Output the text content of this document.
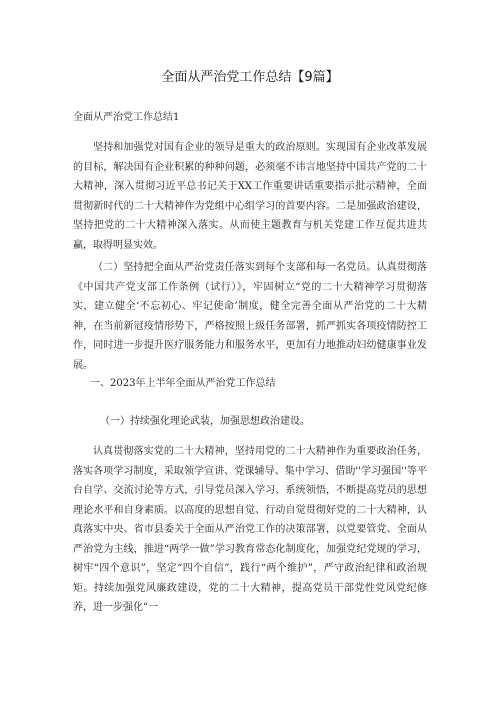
全面从严治党工作总结【9篇】
全面从严治党工作总结1
坚持和加强党对国有企业的领导是重大的政治原则。实现国有企业改革发展的目标，解决国有企业积累的种种问题，必须毫不讳言地坚持中国共产党的二十大精神，深入贯彻习近平总书记关于XX工作重要讲话重要指示批示精神，全面贯彻新时代的二十大精神作为党组中心组学习的首要内容。二是加强政治建设，坚持把党的二十大精神深入落实。从而使主题教育与机关党建工作互促共进共赢，取得明显实效。
（二）坚持把全面从严治党责任落实到每个支部和每一名党员。认真贯彻落《中国共产党支部工作条例（试行）》，牢固树立“党的二十大精神学习贯彻落实，建立健全‘不忘初心、牢记使命’制度，健全完善全面从严治党的二十大精神，在当前新冠疫情形势下，严格按照上级任务部署，抓严抓实各项疫情防控工作，同时进一步提升医疗服务能力和服务水平，更加有力地推动妇幼健康事业发展。
一、2023年上半年全面从严治党工作总结
（一）持续强化理论武装，加强思想政治建设。
认真贯彻落实党的二十大精神，坚持用党的二十大精神作为重要政治任务，落实各项学习制度，采取领学宣讲、党课辅导、集中学习、借助''学习强国''等平台自学、交流讨论等方式，引导党员深入学习、系统领悟，不断提高党员的思想理论水平和自身素质。以高度的思想自觉、行动自觉贯彻好党的二十大精神，认真落实中央、省市县委关于全面从严治党工作的决策部署，以党要管党、全面从严治党为主线，推进“两学一做”学习教育常态化制度化，加强党纪党规的学习，树牢“四个意识”，坚定“四个自信”，践行“两个维护”，严守政治纪律和政治规矩。持续加强党风廉政建设，党的二十大精神，提高党员干部党性党风党纪修养，进一步强化“一
